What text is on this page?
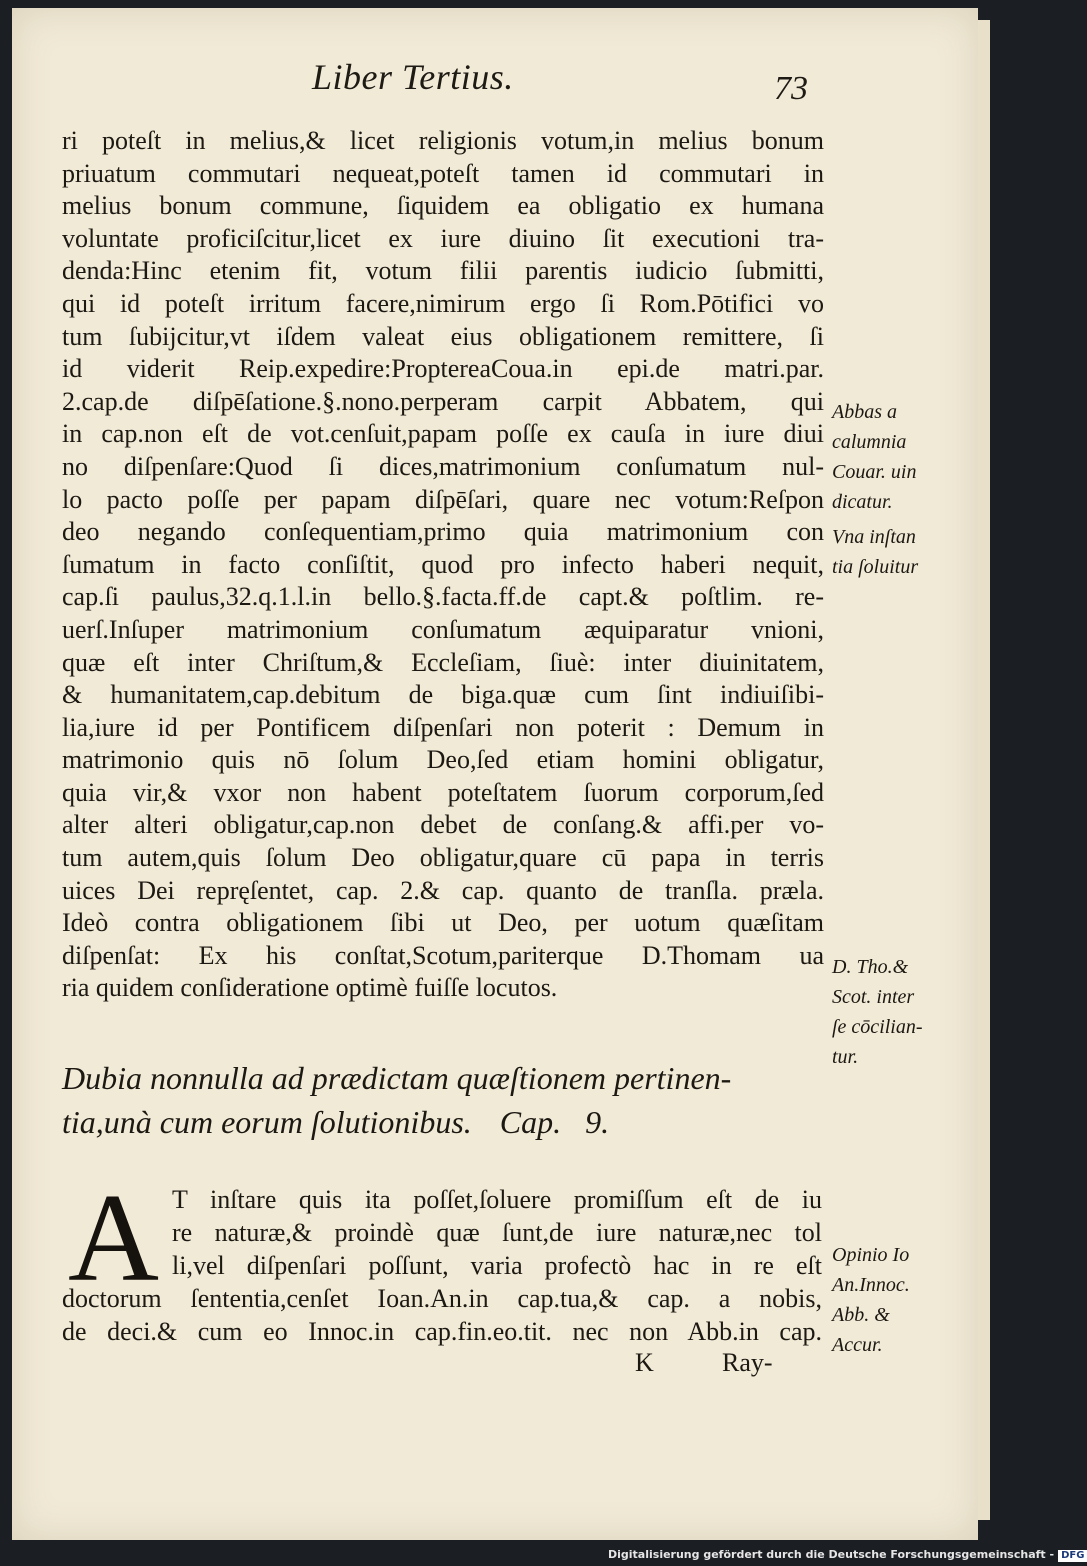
Liber Tertius.	73
ri poteſt in melius,& licet religionis votum,in melius bonum
priuatum commutari nequeat,poteſt tamen id commutari in
melius bonum commune, ſiquidem ea obligatio ex humana
voluntate proficiſcitur,licet ex iure diuino ſit executioni tra-
denda:Hinc etenim fit, votum filii parentis iudicio ſubmitti,
qui id poteſt irritum facere,nimirum ergo ſi Rom.Pōtifici vo
tum ſubijcitur,vt iſdem valeat eius obligationem remittere, ſi
id viderit Reip.expedire:PropterеaCoua.in epi.de matri.par.
2.cap.de diſpēſatione.§.nono.perperam carpit Abbatem, qui
in cap.non eſt de vot.cenſuit,papam poſſe ex cauſa in iure diui
no diſpenſare:Quod ſi dices,matrimonium conſumatum nul-
lo pacto poſſe per papam diſpēſari, quare nec votum:Reſpon
deo negando conſequentiam,primo quia matrimonium con
ſumatum in facto conſiſtit, quod pro infecto haberi nequit,
cap.ſi paulus,32.q.1.l.in bello.§.facta.ff.de capt.& poſtlim. re-
uerſ.Inſuper matrimonium conſumatum æquiparatur vnioni,
quæ eſt inter Chriſtum,& Eccleſiam, ſiuè: inter diuinitatem,
& humanitatem,cap.debitum de biga.quæ cum ſint indiuiſibi-
lia,iure id per Pontificem diſpenſari non poterit : Demum in
matrimonio quis nō ſolum Deo,ſed etiam homini obligatur,
quia vir,& vxor non habent poteſtatem ſuorum corporum,ſed
alter alteri obligatur,cap.non debet de conſang.& affi.per vo-
tum autem,quis ſolum Deo obligatur,quare cū papa in terris
uices Dei repręſentet, cap. 2.& cap. quanto de tranſla. præla.
Ideò contra obligationem ſibi ut Deo, per uotum quæſitam
diſpenſat: Ex his conſtat,Scotum,pariterque D.Thomam ua
ria quidem conſideratione optimè fuiſſe locutos.
Dubia nonnulla ad prædictam quæſtionem pertinen-
tia,unà cum eorum ſolutionibus. Cap. 9.
A T inſtare quis ita poſſet,ſoluere promiſſum eſt de iu
re naturæ,& proindè quæ ſunt,de iure naturæ,nec tol
li,vel diſpenſari poſſunt, varia profectò hac in re eſt
doctorum ſententia,cenſet Ioan.An.in cap.tua,& cap. a nobis,
de deci.& cum eo Innoc.in cap.fin.eo.tit. nec non Abb.in cap.
K	Ray-
Abbas a
calumnia
Couar. uin
dicatur.
Vna inſtan
tia ſoluitur
D. Tho.&
Scot. inter
ſe cōcilian-
tur.
Opinio Io
An.Innoc.
Abb. &
Accur.
Digitalisierung gefördert durch die Deutsche Forschungsgemeinschaft - DFG
